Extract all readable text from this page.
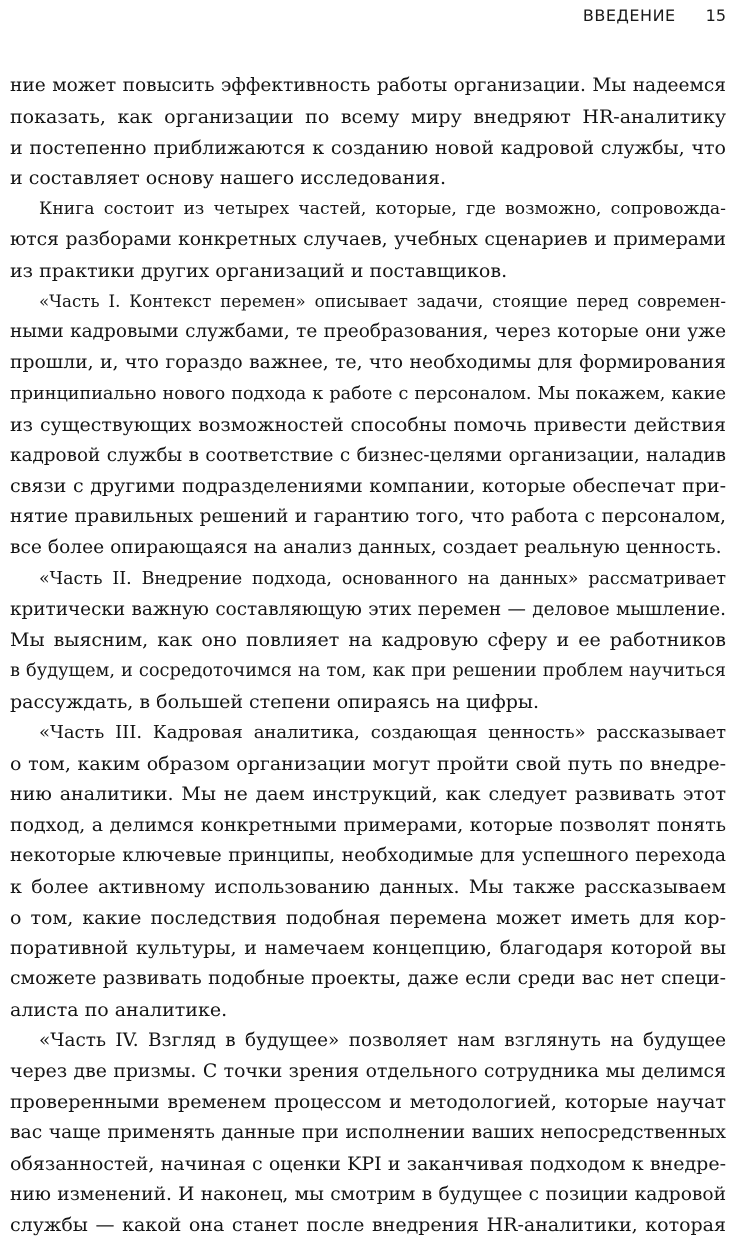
ВВЕДЕНИЕ 15
ние может повысить эффективность работы организации. Мы надеемся
показать, как организации по всему миру внедряют HR-аналитику
и постепенно приближаются к созданию новой кадровой службы, что
и составляет основу нашего исследования.
Книга состоит из четырех частей, которые, где возможно, сопровожда-
ются разборами конкретных случаев, учебных сценариев и примерами
из практики других организаций и поставщиков.
«Часть I. Контекст перемен» описывает задачи, стоящие перед современ-
ными кадровыми службами, те преобразования, через которые они уже
прошли, и, что гораздо важнее, те, что необходимы для формирования
принципиально нового подхода к работе с персоналом. Мы покажем, какие
из существующих возможностей способны помочь привести действия
кадровой службы в соответствие с бизнес-целями организации, наладив
связи с другими подразделениями компании, которые обеспечат при-
нятие правильных решений и гарантию того, что работа с персоналом,
все более опирающаяся на анализ данных, создает реальную ценность.
«Часть II. Внедрение подхода, основанного на данных» рассматривает
критически важную составляющую этих перемен — деловое мышление.
Мы выясним, как оно повлияет на кадровую сферу и ее работников
в будущем, и сосредоточимся на том, как при решении проблем научиться
рассуждать, в большей степени опираясь на цифры.
«Часть III. Кадровая аналитика, создающая ценность» рассказывает
о том, каким образом организации могут пройти свой путь по внедре-
нию аналитики. Мы не даем инструкций, как следует развивать этот
подход, а делимся конкретными примерами, которые позволят понять
некоторые ключевые принципы, необходимые для успешного перехода
к более активному использованию данных. Мы также рассказываем
о том, какие последствия подобная перемена может иметь для кор-
поративной культуры, и намечаем концепцию, благодаря которой вы
сможете развивать подобные проекты, даже если среди вас нет специ-
алиста по аналитике.
«Часть IV. Взгляд в будущее» позволяет нам взглянуть на будущее
через две призмы. С точки зрения отдельного сотрудника мы делимся
проверенными временем процессом и методологией, которые научат
вас чаще применять данные при исполнении ваших непосредственных
обязанностей, начиная с оценки KPI и заканчивая подходом к внедре-
нию изменений. И наконец, мы смотрим в будущее с позиции кадровой
службы — какой она станет после внедрения HR-аналитики, которая
